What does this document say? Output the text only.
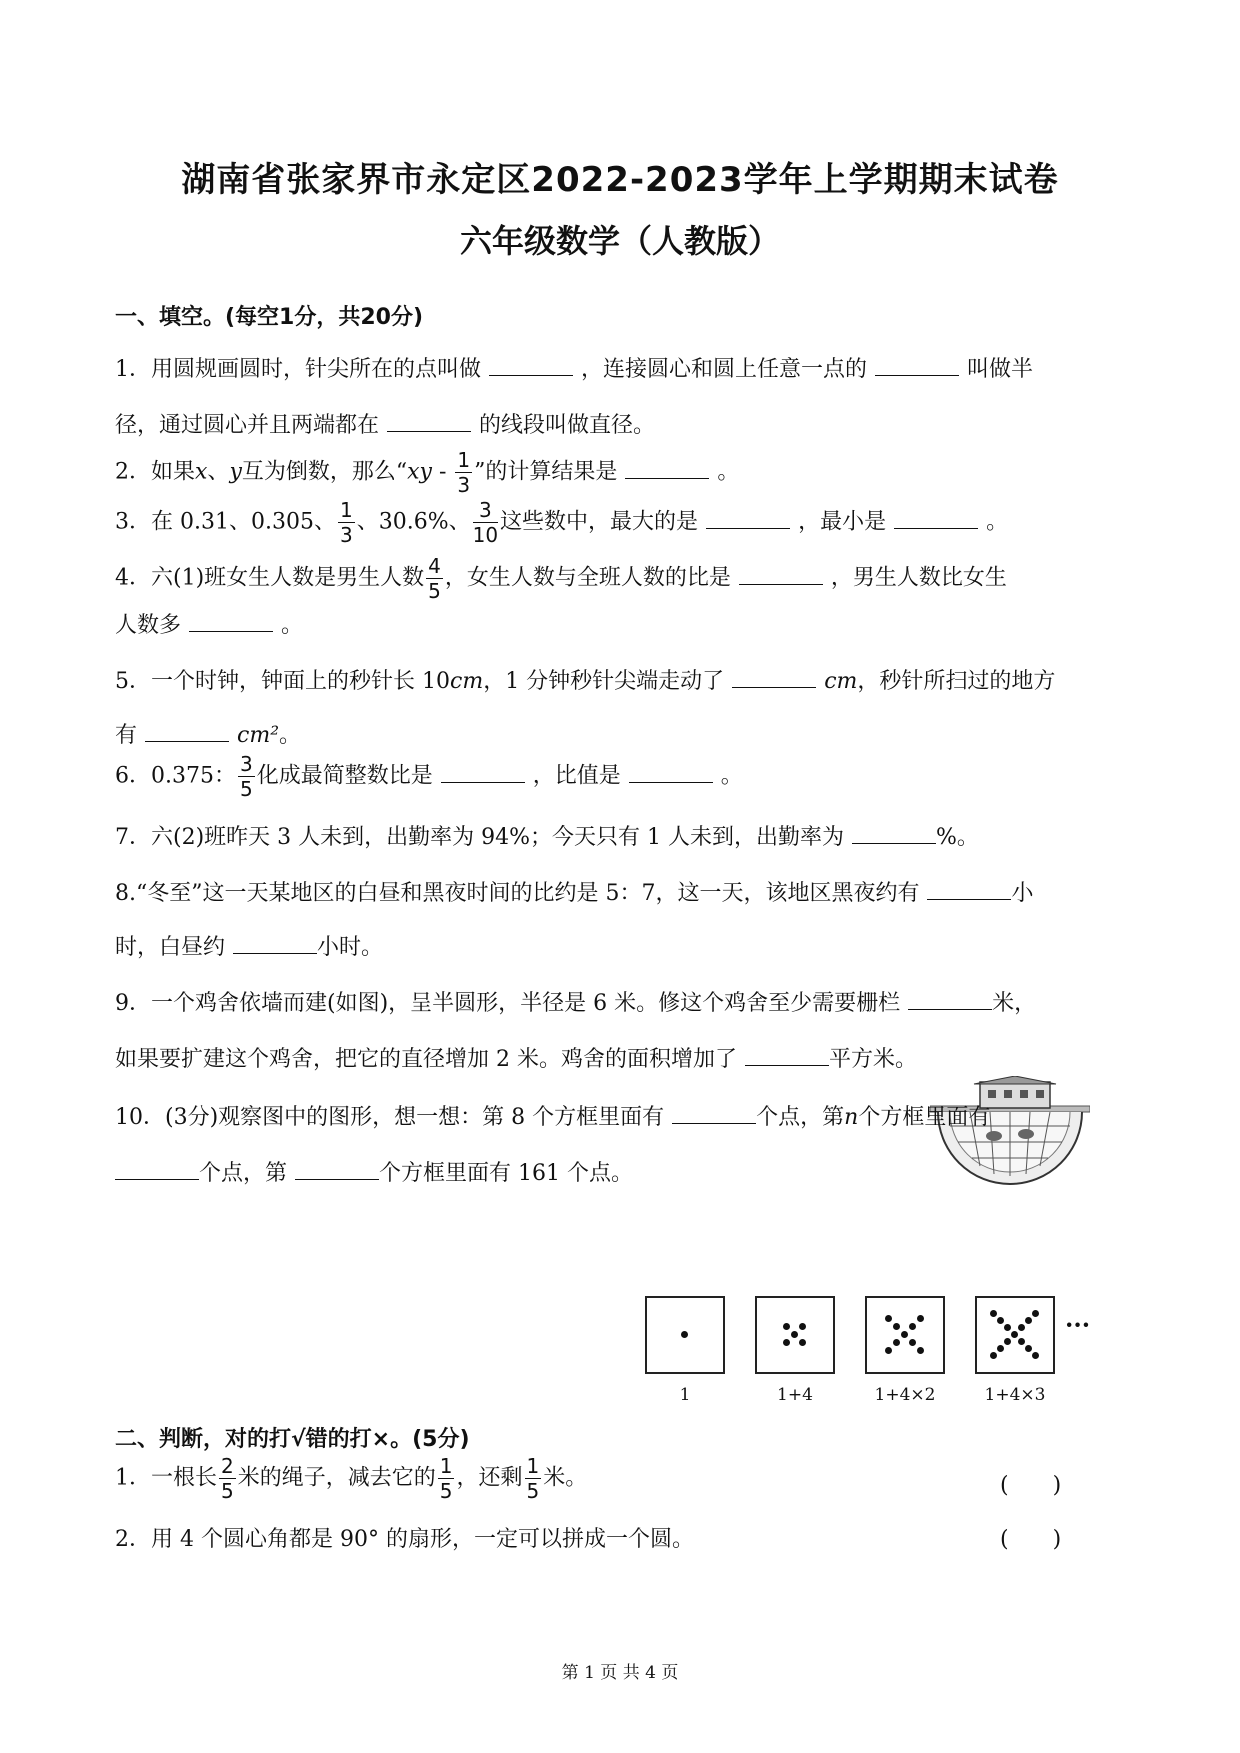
湖南省张家界市永定区2022-2023学年上学期期末试卷
六年级数学（人教版）
一、填空。(每空1分，共20分)
1．用圆规画圆时，针尖所在的点叫做	，连接圆心和圆上任意一点的	叫做半
径，通过圆心并且两端都在	的线段叫做直径。
2．如果x、y互为倒数，那么“xy - $\frac{1}{3}$ ”的计算结果是	。
3．在 0.31、0.305、 $\frac{1}{3}$ 、30.6%、 $\frac{3}{10}$ 这些数中，最大的是	，最小是	。
4．六(1)班女生人数是男生人数 $\frac{4}{5}$ ，女生人数与全班人数的比是	，男生人数比女生
人数多	。
5．一个时钟，钟面上的秒针长 10cm，1 分钟秒针尖端走动了	cm，秒针所扫过的地方
有	cm²。
6．0.375： $\frac{3}{5}$ 化成最简整数比是	，比值是	。
7．六(2)班昨天 3 人未到，出勤率为 94%；今天只有 1 人未到，出勤率为	%。
8.“冬至”这一天某地区的白昼和黑夜时间的比约是 5：7，这一天，该地区黑夜约有	小
时，白昼约	小时。
9．一个鸡舍依墙而建(如图)，呈半圆形，半径是 6 米。修这个鸡舍至少需要栅栏	米，
如果要扩建这个鸡舍，把它的直径增加 2 米。鸡舍的面积增加了	平方米。
10．(3分)观察图中的图形，想一想：第 8 个方框里面有	个点，第n个方框里面有
个点，第	个方框里面有 161 个点。
···
1	1+4	1+4×2	1+4×3
二、判断，对的打√错的打×。(5分)
1．一根长 $\frac{2}{5}$ 米的绳子，减去它的 $\frac{1}{5}$ ，还剩 $\frac{1}{5}$ 米。	(　　)
2．用 4 个圆心角都是 90° 的扇形，一定可以拼成一个圆。	(　　)
第 1 页 共 4 页
